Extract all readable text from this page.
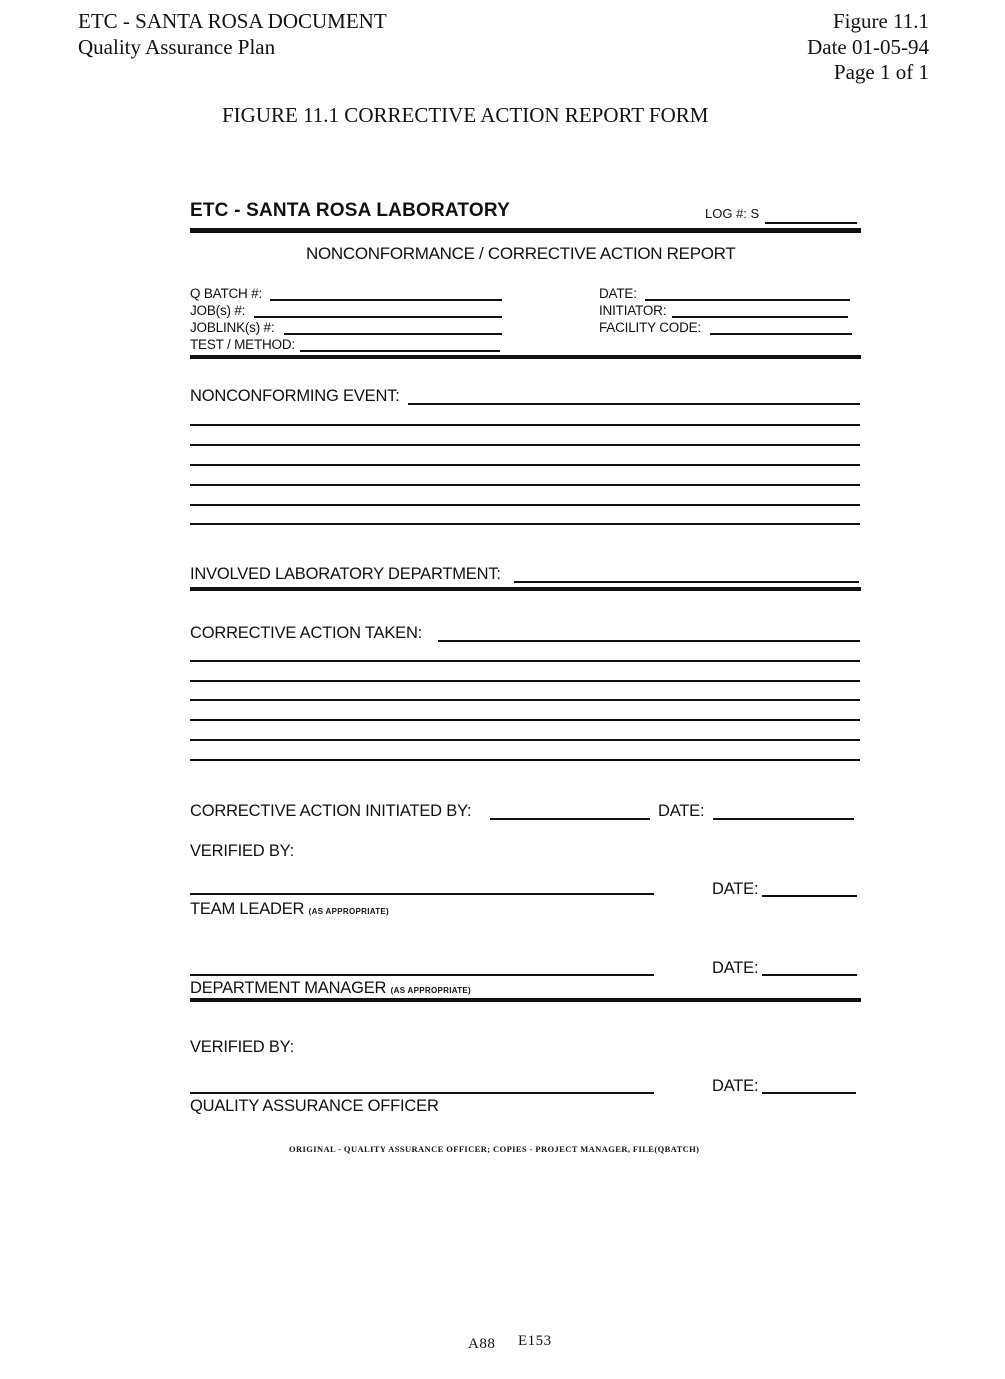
ETC - SANTA ROSA DOCUMENT
Quality Assurance Plan
Figure 11.1
Date 01-05-94
Page 1 of 1
FIGURE 11.1 CORRECTIVE ACTION REPORT FORM
ETC - SANTA ROSA LABORATORY	LOG #: S
NONCONFORMANCE / CORRECTIVE ACTION REPORT
Q BATCH #:
JOB(s) #:
JOBLINK(s) #:
TEST / METHOD:
DATE:
INITIATOR:
FACILITY CODE:
NONCONFORMING EVENT:
INVOLVED LABORATORY DEPARTMENT:
CORRECTIVE ACTION TAKEN:
CORRECTIVE ACTION INITIATED BY:	DATE:
VERIFIED BY:
DATE:
TEAM LEADER (AS APPROPRIATE)
DATE:
DEPARTMENT MANAGER (AS APPROPRIATE)
VERIFIED BY:
DATE:
QUALITY ASSURANCE OFFICER
ORIGINAL - QUALITY ASSURANCE OFFICER; COPIES - PROJECT MANAGER, FILE(QBATCH)
A88 E153
